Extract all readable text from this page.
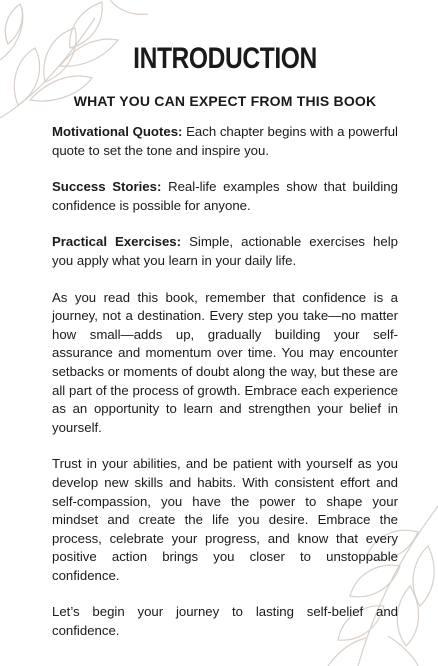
INTRODUCTION
WHAT YOU CAN EXPECT FROM THIS BOOK

Motivational Quotes: Each chapter begins with a powerful quote to set the tone and inspire you.

Success Stories: Real-life examples show that building confidence is possible for anyone.

Practical Exercises: Simple, actionable exercises help you apply what you learn in your daily life.

As you read this book, remember that confidence is a journey, not a destination. Every step you take—no matter how small—adds up, gradually building your self-assurance and momentum over time. You may encounter setbacks or moments of doubt along the way, but these are all part of the process of growth. Embrace each experience as an opportunity to learn and strengthen your belief in yourself.

Trust in your abilities, and be patient with yourself as you develop new skills and habits. With consistent effort and self-compassion, you have the power to shape your mindset and create the life you desire. Embrace the process, celebrate your progress, and know that every positive action brings you closer to unstoppable confidence.

Let’s begin your journey to lasting self-belief and confidence.
